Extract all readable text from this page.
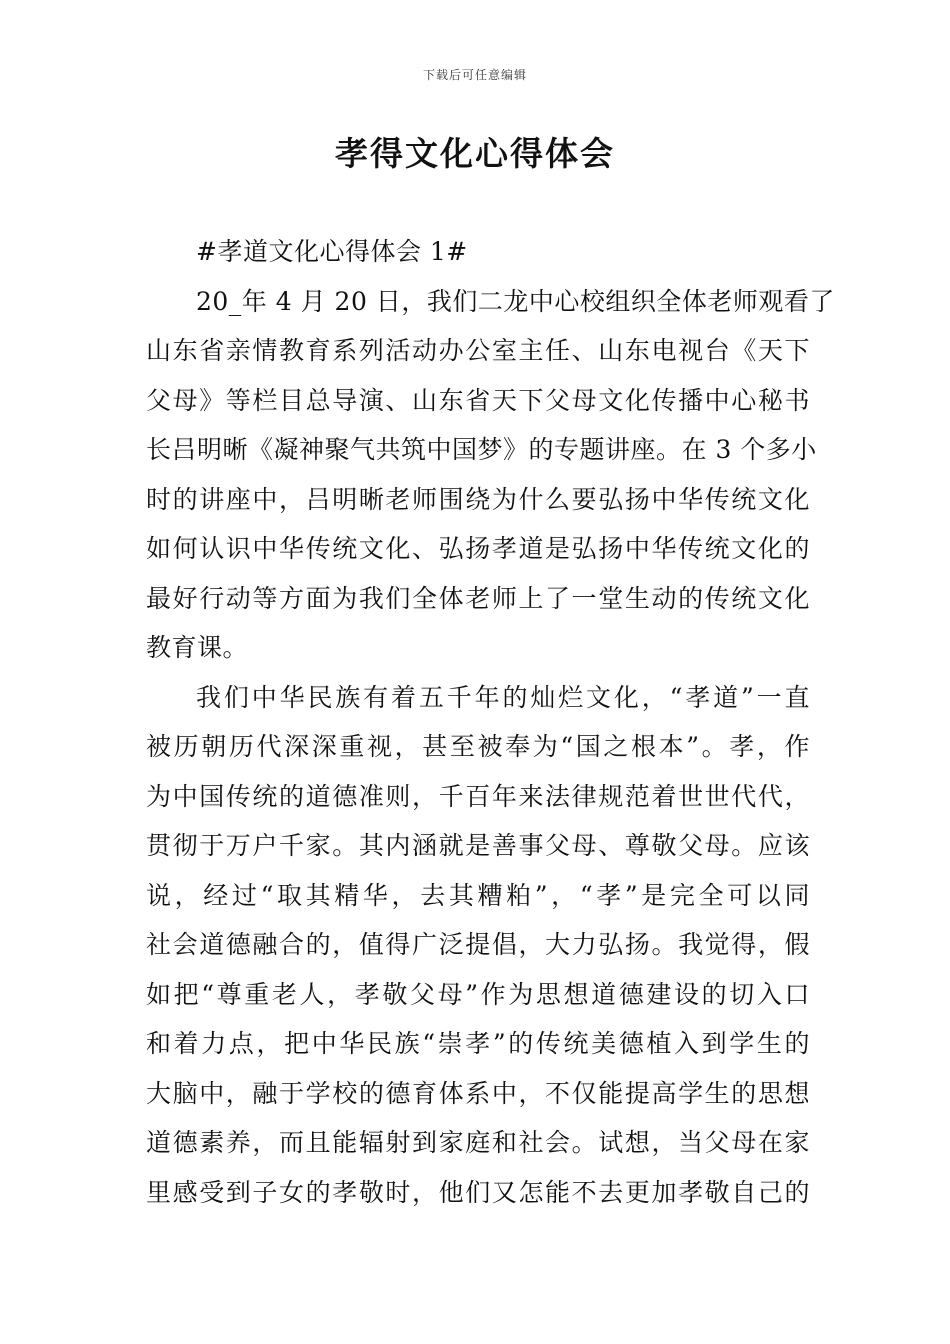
下载后可任意编辑
孝得文化心得体会
#孝道文化心得体会 1#
20_年 4 月 20 日，我们二龙中心校组织全体老师观看了
山东省亲情教育系列活动办公室主任、山东电视台《天下
父母》等栏目总导演、山东省天下父母文化传播中心秘书
长吕明晰《凝神聚气共筑中国梦》的专题讲座。在 3 个多小
时的讲座中，吕明晰老师围绕为什么要弘扬中华传统文化
如何认识中华传统文化、弘扬孝道是弘扬中华传统文化的
最好行动等方面为我们全体老师上了一堂生动的传统文化
教育课。
我们中华民族有着五千年的灿烂文化，“孝道”一直
被历朝历代深深重视，甚至被奉为“国之根本”。孝，作
为中国传统的道德准则，千百年来法律规范着世世代代，
贯彻于万户千家。其内涵就是善事父母、尊敬父母。应该
说，经过“取其精华，去其糟粕”，“孝”是完全可以同
社会道德融合的，值得广泛提倡，大力弘扬。我觉得，假
如把“尊重老人，孝敬父母”作为思想道德建设的切入口
和着力点，把中华民族“崇孝”的传统美德植入到学生的
大脑中，融于学校的德育体系中，不仅能提高学生的思想
道德素养，而且能辐射到家庭和社会。试想，当父母在家
里感受到子女的孝敬时，他们又怎能不去更加孝敬自己的
